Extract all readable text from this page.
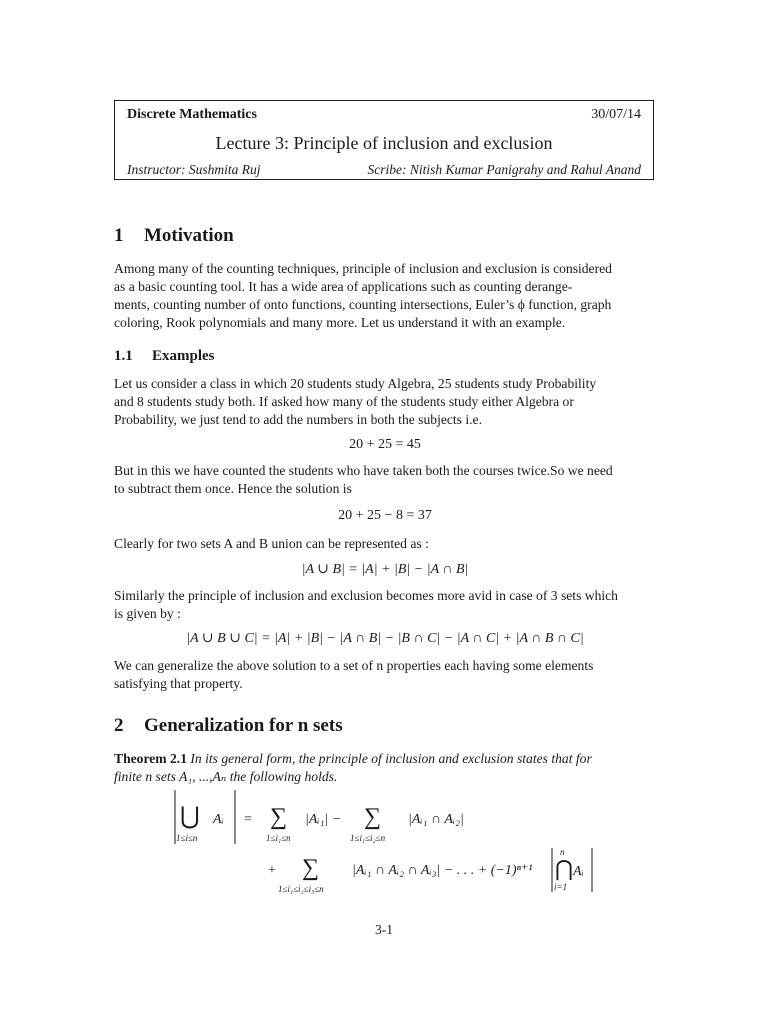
Discrete Mathematics	30/07/14
Lecture 3: Principle of inclusion and exclusion
Instructor: Sushmita Ruj	Scribe: Nitish Kumar Panigrahy and Rahul Anand
1 Motivation
Among many of the counting techniques, principle of inclusion and exclusion is considered
as a basic counting tool. It has a wide area of applications such as counting derange-
ments, counting number of onto functions, counting intersections, Euler’s ϕ function, graph
coloring, Rook polynomials and many more. Let us understand it with an example.
1.1 Examples
Let us consider a class in which 20 students study Algebra, 25 students study Probability
and 8 students study both. If asked how many of the students study either Algebra or
Probability, we just tend to add the numbers in both the subjects i.e.
20 + 25 = 45
But in this we have counted the students who have taken both the courses twice.So we need
to subtract them once. Hence the solution is
20 + 25 − 8 = 37
Clearly for two sets A and B union can be represented as :
|A ∪ B| = |A| + |B| − |A ∩ B|
Similarly the principle of inclusion and exclusion becomes more avid in case of 3 sets which
is given by :
|A ∪ B ∪ C| = |A| + |B| − |A ∩ B| − |B ∩ C| − |A ∩ C| + |A ∩ B ∩ C|
We can generalize the above solution to a set of n properties each having some elements
satisfying that property.
2 Generalization for n sets
Theorem 2.1 In its general form, the principle of inclusion and exclusion states that for
finite n sets A₁, ...,Aₙ the following holds.
⋃ Aᵢ
1≤i≤n
= ∑
1≤i₁≤n
|Aᵢ₁| − ∑
1≤i₁≤i₂≤n
|Aᵢ₁ ∩ Aᵢ₂|
+ ∑
1≤i₁≤i₂≤i₃≤n
|Aᵢ₁ ∩ Aᵢ₂ ∩ Aᵢ₃| − . . . + (−1)ⁿ⁺¹
n
⋂ Aᵢ
i=1
3-1
